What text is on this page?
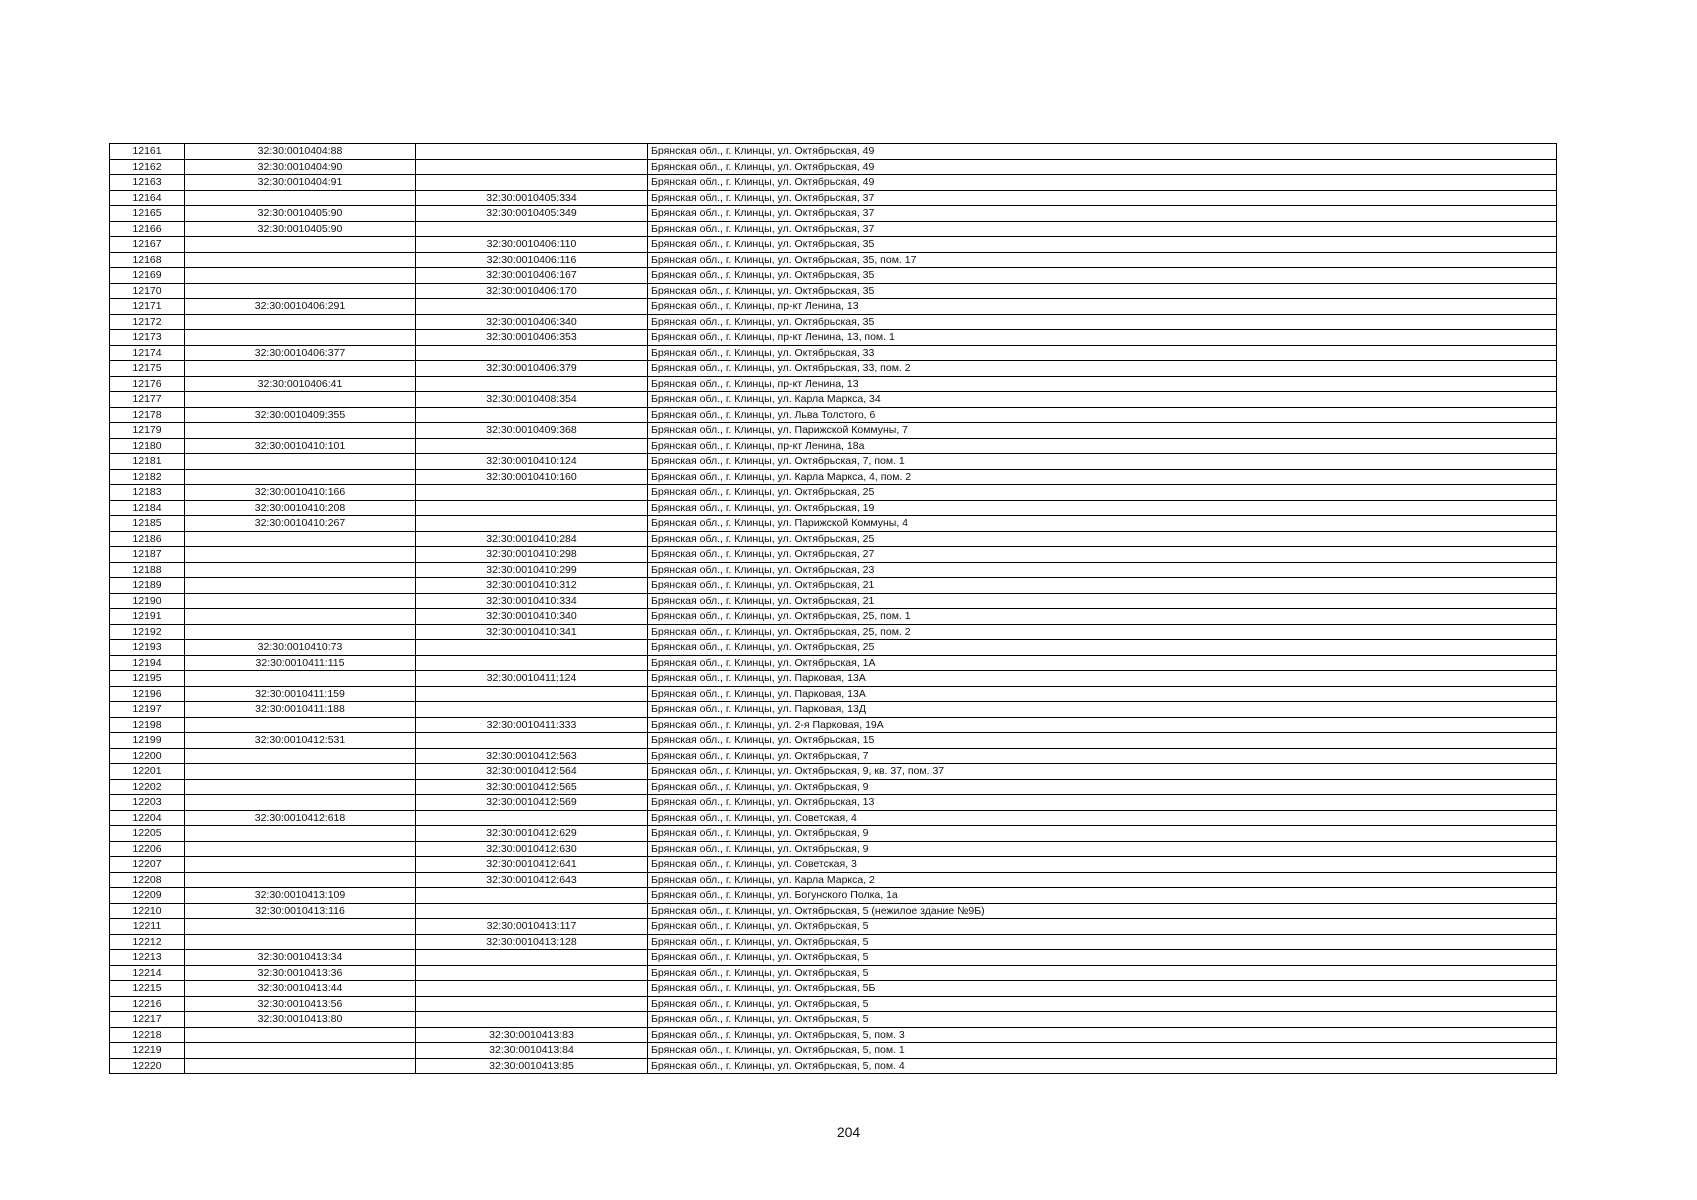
12161	32:30:0010404:88		Брянская обл., г. Клинцы, ул. Октябрьская, 49
12162	32:30:0010404:90		Брянская обл., г. Клинцы, ул. Октябрьская, 49
12163	32:30:0010404:91		Брянская обл., г. Клинцы, ул. Октябрьская, 49
12164		32:30:0010405:334	Брянская обл., г. Клинцы, ул. Октябрьская, 37
12165	32:30:0010405:90	32:30:0010405:349	Брянская обл., г. Клинцы, ул. Октябрьская, 37
12166	32:30:0010405:90		Брянская обл., г. Клинцы, ул. Октябрьская, 37
12167		32:30:0010406:110	Брянская обл., г. Клинцы, ул. Октябрьская, 35
12168		32:30:0010406:116	Брянская обл., г. Клинцы, ул. Октябрьская, 35, пом. 17
12169		32:30:0010406:167	Брянская обл., г. Клинцы, ул. Октябрьская, 35
12170		32:30:0010406:170	Брянская обл., г. Клинцы, ул. Октябрьская, 35
12171	32:30:0010406:291		Брянская обл., г. Клинцы, пр-кт Ленина, 13
12172		32:30:0010406:340	Брянская обл., г. Клинцы, ул. Октябрьская, 35
12173		32:30:0010406:353	Брянская обл., г. Клинцы, пр-кт Ленина, 13, пом. 1
12174	32:30:0010406:377		Брянская обл., г. Клинцы, ул. Октябрьская, 33
12175		32:30:0010406:379	Брянская обл., г. Клинцы, ул. Октябрьская, 33, пом. 2
12176	32:30:0010406:41		Брянская обл., г. Клинцы, пр-кт Ленина, 13
12177		32:30:0010408:354	Брянская обл., г. Клинцы, ул. Карла Маркса, 34
12178	32:30:0010409:355		Брянская обл., г. Клинцы, ул. Льва Толстого, 6
12179		32:30:0010409:368	Брянская обл., г. Клинцы, ул. Парижской Коммуны, 7
12180	32:30:0010410:101		Брянская обл., г. Клинцы, пр-кт Ленина, 18а
12181		32:30:0010410:124	Брянская обл., г. Клинцы, ул. Октябрьская, 7, пом. 1
12182		32:30:0010410:160	Брянская обл., г. Клинцы, ул. Карла Маркса, 4, пом. 2
12183	32:30:0010410:166		Брянская обл., г. Клинцы, ул. Октябрьская, 25
12184	32:30:0010410:208		Брянская обл., г. Клинцы, ул. Октябрьская, 19
12185	32:30:0010410:267		Брянская обл., г. Клинцы, ул. Парижской Коммуны, 4
12186		32:30:0010410:284	Брянская обл., г. Клинцы, ул. Октябрьская, 25
12187		32:30:0010410:298	Брянская обл., г. Клинцы, ул. Октябрьская, 27
12188		32:30:0010410:299	Брянская обл., г. Клинцы, ул. Октябрьская, 23
12189		32:30:0010410:312	Брянская обл., г. Клинцы, ул. Октябрьская, 21
12190		32:30:0010410:334	Брянская обл., г. Клинцы, ул. Октябрьская, 21
12191		32:30:0010410:340	Брянская обл., г. Клинцы, ул. Октябрьская, 25, пом. 1
12192		32:30:0010410:341	Брянская обл., г. Клинцы, ул. Октябрьская, 25, пом. 2
12193	32:30:0010410:73		Брянская обл., г. Клинцы, ул. Октябрьская, 25
12194	32:30:0010411:115		Брянская обл., г. Клинцы, ул. Октябрьская, 1А
12195		32:30:0010411:124	Брянская обл., г. Клинцы, ул. Парковая, 13А
12196	32:30:0010411:159		Брянская обл., г. Клинцы, ул. Парковая, 13А
12197	32:30:0010411:188		Брянская обл., г. Клинцы, ул. Парковая, 13Д
12198		32:30:0010411:333	Брянская обл., г. Клинцы, ул. 2-я Парковая, 19А
12199	32:30:0010412:531		Брянская обл., г. Клинцы, ул. Октябрьская, 15
12200		32:30:0010412:563	Брянская обл., г. Клинцы, ул. Октябрьская, 7
12201		32:30:0010412:564	Брянская обл., г. Клинцы, ул. Октябрьская, 9, кв. 37, пом. 37
12202		32:30:0010412:565	Брянская обл., г. Клинцы, ул. Октябрьская, 9
12203		32:30:0010412:569	Брянская обл., г. Клинцы, ул. Октябрьская, 13
12204	32:30:0010412:618		Брянская обл., г. Клинцы, ул. Советская, 4
12205		32:30:0010412:629	Брянская обл., г. Клинцы, ул. Октябрьская, 9
12206		32:30:0010412:630	Брянская обл., г. Клинцы, ул. Октябрьская, 9
12207		32:30:0010412:641	Брянская обл., г. Клинцы, ул. Советская, 3
12208		32:30:0010412:643	Брянская обл., г. Клинцы, ул. Карла Маркса, 2
12209	32:30:0010413:109		Брянская обл., г. Клинцы, ул. Богунского Полка, 1а
12210	32:30:0010413:116		Брянская обл., г. Клинцы, ул. Октябрьская, 5 (нежилое здание №9Б)
12211		32:30:0010413:117	Брянская обл., г. Клинцы, ул. Октябрьская, 5
12212		32:30:0010413:128	Брянская обл., г. Клинцы, ул. Октябрьская, 5
12213	32:30:0010413:34		Брянская обл., г. Клинцы, ул. Октябрьская, 5
12214	32:30:0010413:36		Брянская обл., г. Клинцы, ул. Октябрьская, 5
12215	32:30:0010413:44		Брянская обл., г. Клинцы, ул. Октябрьская, 5Б
12216	32:30:0010413:56		Брянская обл., г. Клинцы, ул. Октябрьская, 5
12217	32:30:0010413:80		Брянская обл., г. Клинцы, ул. Октябрьская, 5
12218		32:30:0010413:83	Брянская обл., г. Клинцы, ул. Октябрьская, 5, пом. 3
12219		32:30:0010413:84	Брянская обл., г. Клинцы, ул. Октябрьская, 5, пом. 1
12220		32:30:0010413:85	Брянская обл., г. Клинцы, ул. Октябрьская, 5, пом. 4
204
